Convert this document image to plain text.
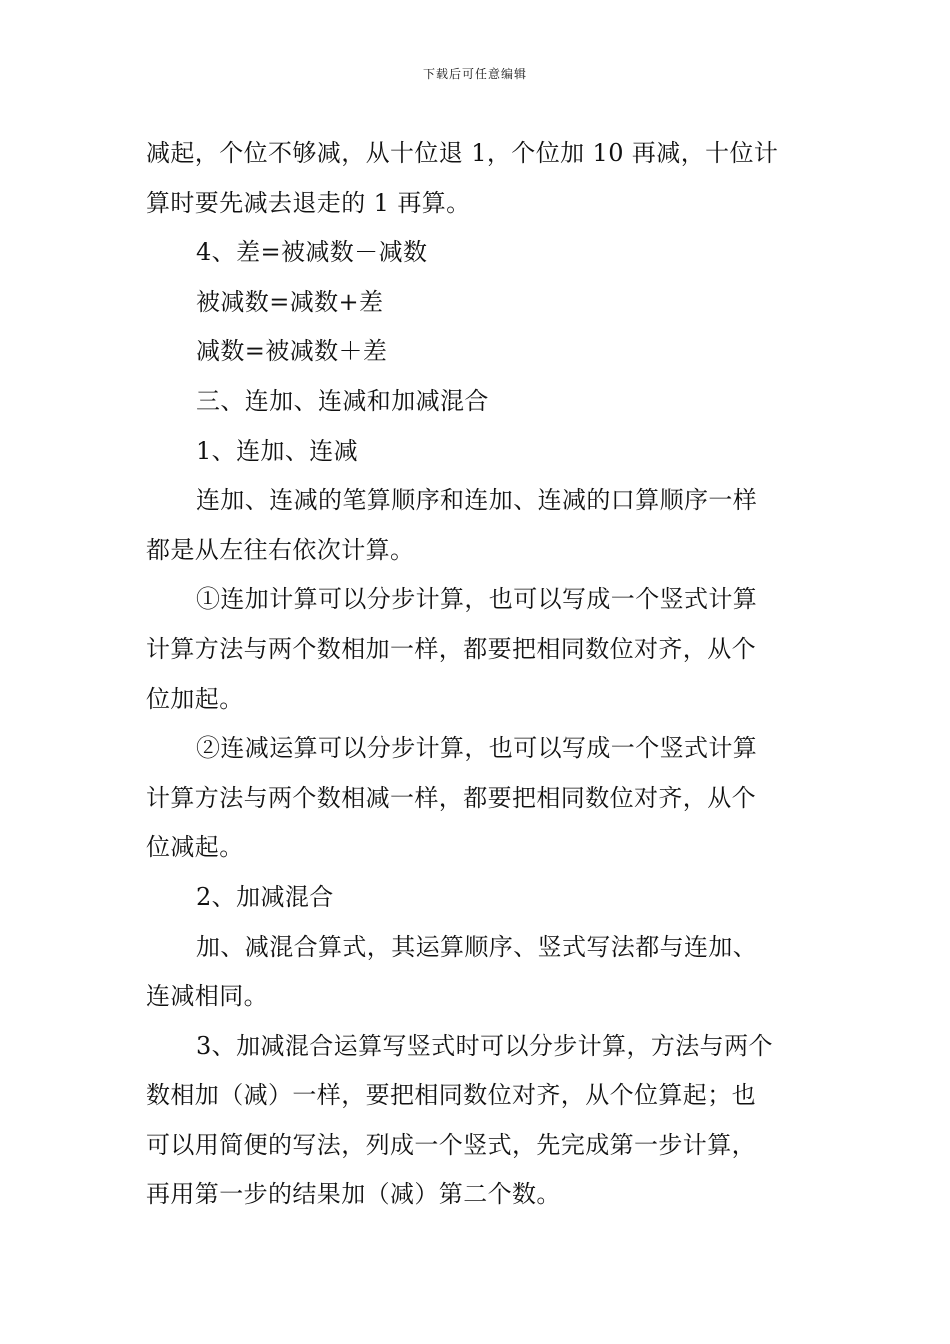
下载后可任意编辑
减起，个位不够减，从十位退 1，个位加 10 再减，十位计
算时要先减去退走的 1 再算。
4、差=被减数－减数
被减数=减数+差
减数=被减数＋差
三、连加、连减和加减混合
1、连加、连减
连加、连减的笔算顺序和连加、连减的口算顺序一样
都是从左往右依次计算。
①连加计算可以分步计算，也可以写成一个竖式计算
计算方法与两个数相加一样，都要把相同数位对齐，从个
位加起。
②连减运算可以分步计算，也可以写成一个竖式计算
计算方法与两个数相减一样，都要把相同数位对齐，从个
位减起。
2、加减混合
加、减混合算式，其运算顺序、竖式写法都与连加、
连减相同。
3、加减混合运算写竖式时可以分步计算，方法与两个
数相加（减）一样，要把相同数位对齐，从个位算起；也
可以用简便的写法，列成一个竖式，先完成第一步计算，
再用第一步的结果加（减）第二个数。
